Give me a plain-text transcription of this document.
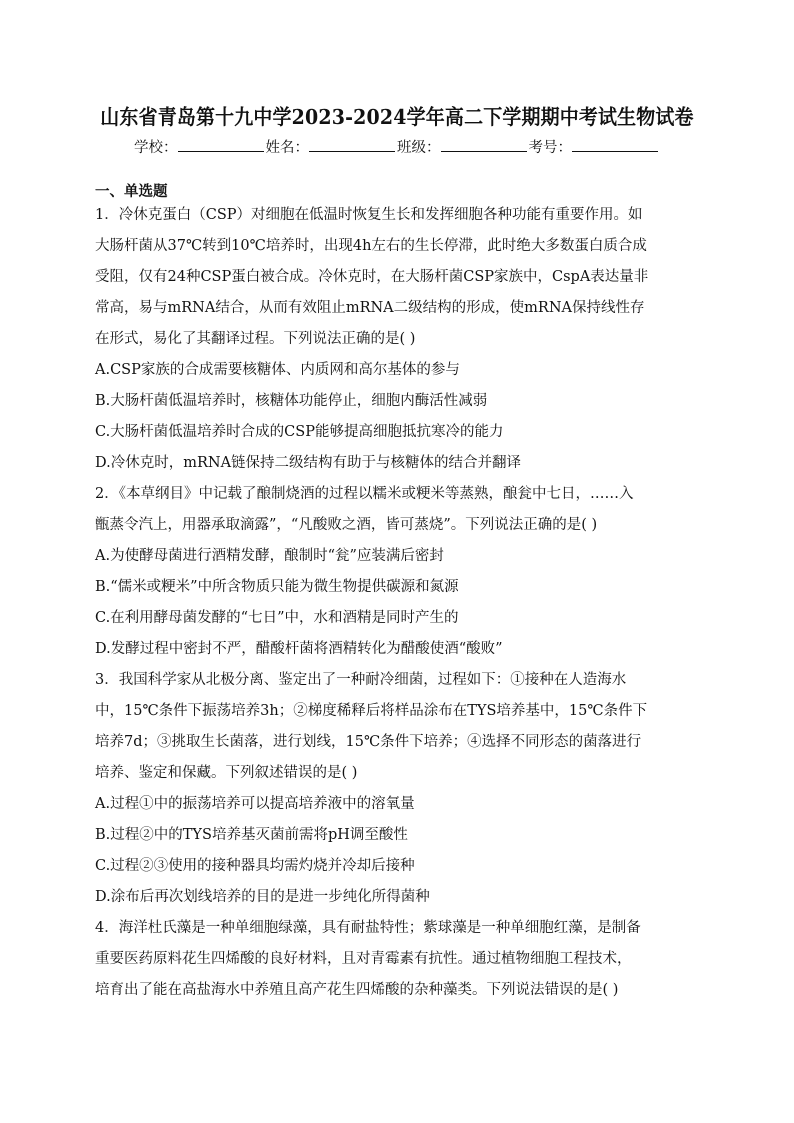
山东省青岛第十九中学2023-2024学年高二下学期期中考试生物试卷
学校：	姓名：	班级：	考号：
一、单选题
1．冷休克蛋白（CSP）对细胞在低温时恢复生长和发挥细胞各种功能有重要作用。如
大肠杆菌从37℃转到10℃培养时，出现4h左右的生长停滞，此时绝大多数蛋白质合成
受阻，仅有24种CSP蛋白被合成。冷休克时，在大肠杆菌CSP家族中，CspA表达量非
常高，易与mRNA结合，从而有效阻止mRNA二级结构的形成，使mRNA保持线性存
在形式，易化了其翻译过程。下列说法正确的是( )
A.CSP家族的合成需要核糖体、内质网和高尔基体的参与
B.大肠杆菌低温培养时，核糖体功能停止，细胞内酶活性减弱
C.大肠杆菌低温培养时合成的CSP能够提高细胞抵抗寒冷的能力
D.冷休克时，mRNA链保持二级结构有助于与核糖体的结合并翻译
2．《本草纲目》中记载了酿制烧酒的过程以糯米或粳米等蒸熟，酿瓮中七日，……入
甑蒸令汽上，用器承取滴露”，“凡酸败之酒，皆可蒸烧”。下列说法正确的是( )
A.为使酵母菌进行酒精发酵，酿制时“瓮”应装满后密封
B.“儒米或粳米”中所含物质只能为微生物提供碳源和氮源
C.在利用酵母菌发酵的“七日”中，水和酒精是同时产生的
D.发酵过程中密封不严，醋酸杆菌将酒精转化为醋酸使酒“酸败”
3．我国科学家从北极分离、鉴定出了一种耐冷细菌，过程如下：①接种在人造海水
中，15℃条件下振荡培养3h；②梯度稀释后将样品涂布在TYS培养基中，15℃条件下
培养7d；③挑取生长菌落，进行划线，15℃条件下培养；④选择不同形态的菌落进行
培养、鉴定和保藏。下列叙述错误的是( )
A.过程①中的振荡培养可以提高培养液中的溶氧量
B.过程②中的TYS培养基灭菌前需将pH调至酸性
C.过程②③使用的接种器具均需灼烧并冷却后接种
D.涂布后再次划线培养的目的是进一步纯化所得菌种
4．海洋杜氏藻是一种单细胞绿藻，具有耐盐特性；紫球藻是一种单细胞红藻，是制备
重要医药原料花生四烯酸的良好材料，且对青霉素有抗性。通过植物细胞工程技术，
培育出了能在高盐海水中养殖且高产花生四烯酸的杂种藻类。下列说法错误的是( )
